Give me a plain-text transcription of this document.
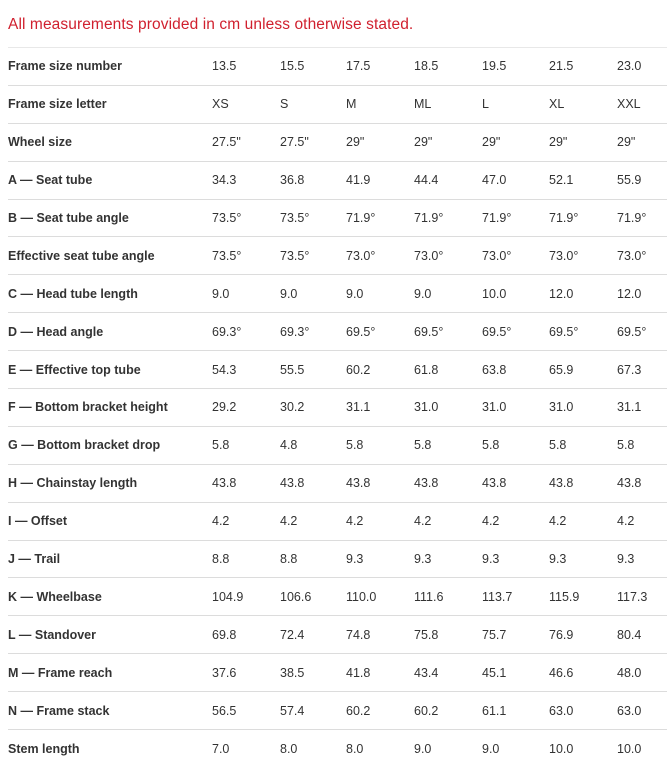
All measurements provided in cm unless otherwise stated.
Frame size number	13.5	15.5	17.5	18.5	19.5	21.5	23.0
Frame size letter	XS	S	M	ML	L	XL	XXL
Wheel size	27.5"	27.5"	29"	29"	29"	29"	29"
A — Seat tube	34.3	36.8	41.9	44.4	47.0	52.1	55.9
B — Seat tube angle	73.5°	73.5°	71.9°	71.9°	71.9°	71.9°	71.9°
Effective seat tube angle	73.5°	73.5°	73.0°	73.0°	73.0°	73.0°	73.0°
C — Head tube length	9.0	9.0	9.0	9.0	10.0	12.0	12.0
D — Head angle	69.3°	69.3°	69.5°	69.5°	69.5°	69.5°	69.5°
E — Effective top tube	54.3	55.5	60.2	61.8	63.8	65.9	67.3
F — Bottom bracket height	29.2	30.2	31.1	31.0	31.0	31.0	31.1
G — Bottom bracket drop	5.8	4.8	5.8	5.8	5.8	5.8	5.8
H — Chainstay length	43.8	43.8	43.8	43.8	43.8	43.8	43.8
I — Offset	4.2	4.2	4.2	4.2	4.2	4.2	4.2
J — Trail	8.8	8.8	9.3	9.3	9.3	9.3	9.3
K — Wheelbase	104.9	106.6	110.0	111.6	113.7	115.9	117.3
L — Standover	69.8	72.4	74.8	75.8	75.7	76.9	80.4
M — Frame reach	37.6	38.5	41.8	43.4	45.1	46.6	48.0
N — Frame stack	56.5	57.4	60.2	60.2	61.1	63.0	63.0
Stem length	7.0	8.0	8.0	9.0	9.0	10.0	10.0
